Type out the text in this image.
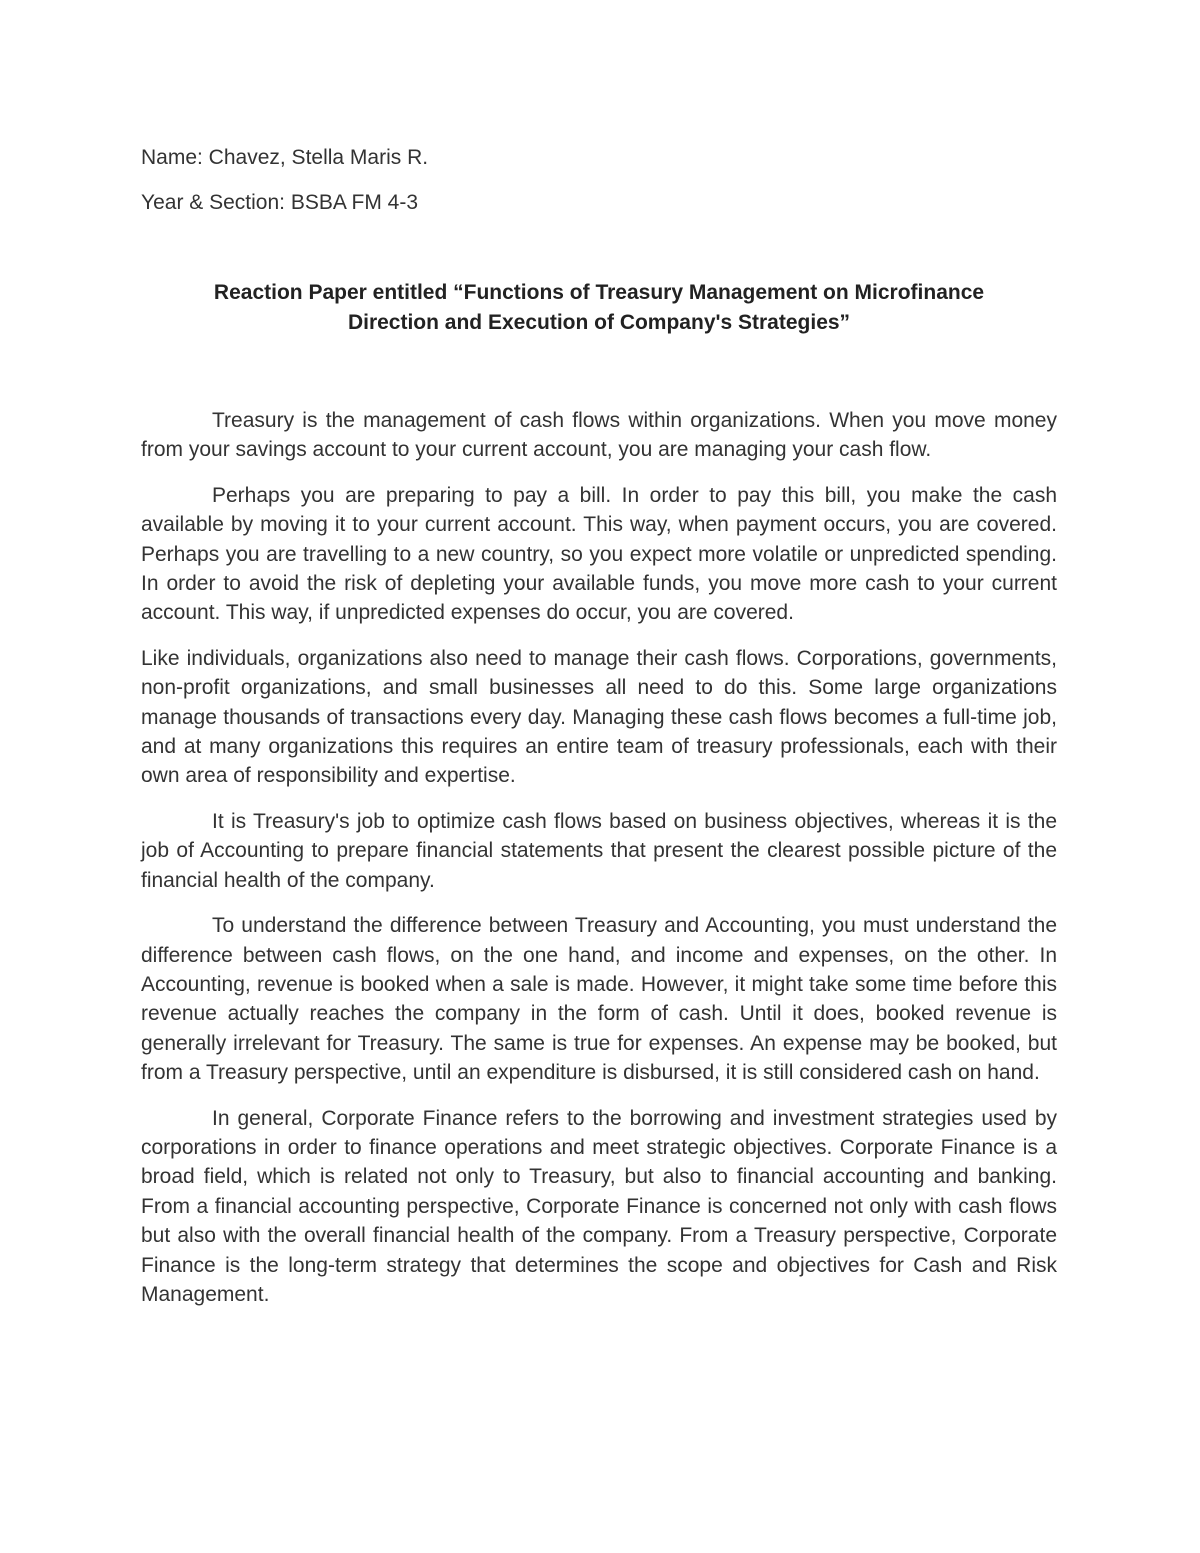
Name: Chavez, Stella Maris R.

Year & Section: BSBA FM 4-3

Reaction Paper entitled “Functions of Treasury Management on Microfinance
Direction and Execution of Company's Strategies”

Treasury is the management of cash flows within organizations. When you move money from your savings account to your current account, you are managing your cash flow.

Perhaps you are preparing to pay a bill. In order to pay this bill, you make the cash available by moving it to your current account. This way, when payment occurs, you are covered. Perhaps you are travelling to a new country, so you expect more volatile or unpredicted spending. In order to avoid the risk of depleting your available funds, you move more cash to your current account. This way, if unpredicted expenses do occur, you are covered.

Like individuals, organizations also need to manage their cash flows. Corporations, governments, non-profit organizations, and small businesses all need to do this. Some large organizations manage thousands of transactions every day. Managing these cash flows becomes a full-time job, and at many organizations this requires an entire team of treasury professionals, each with their own area of responsibility and expertise.

It is Treasury's job to optimize cash flows based on business objectives, whereas it is the job of Accounting to prepare financial statements that present the clearest possible picture of the financial health of the company.

To understand the difference between Treasury and Accounting, you must understand the difference between cash flows, on the one hand, and income and expenses, on the other. In Accounting, revenue is booked when a sale is made. However, it might take some time before this revenue actually reaches the company in the form of cash. Until it does, booked revenue is generally irrelevant for Treasury. The same is true for expenses. An expense may be booked, but from a Treasury perspective, until an expenditure is disbursed, it is still considered cash on hand.

In general, Corporate Finance refers to the borrowing and investment strategies used by corporations in order to finance operations and meet strategic objectives. Corporate Finance is a broad field, which is related not only to Treasury, but also to financial accounting and banking. From a financial accounting perspective, Corporate Finance is concerned not only with cash flows but also with the overall financial health of the company. From a Treasury perspective, Corporate Finance is the long-term strategy that determines the scope and objectives for Cash and Risk Management.
